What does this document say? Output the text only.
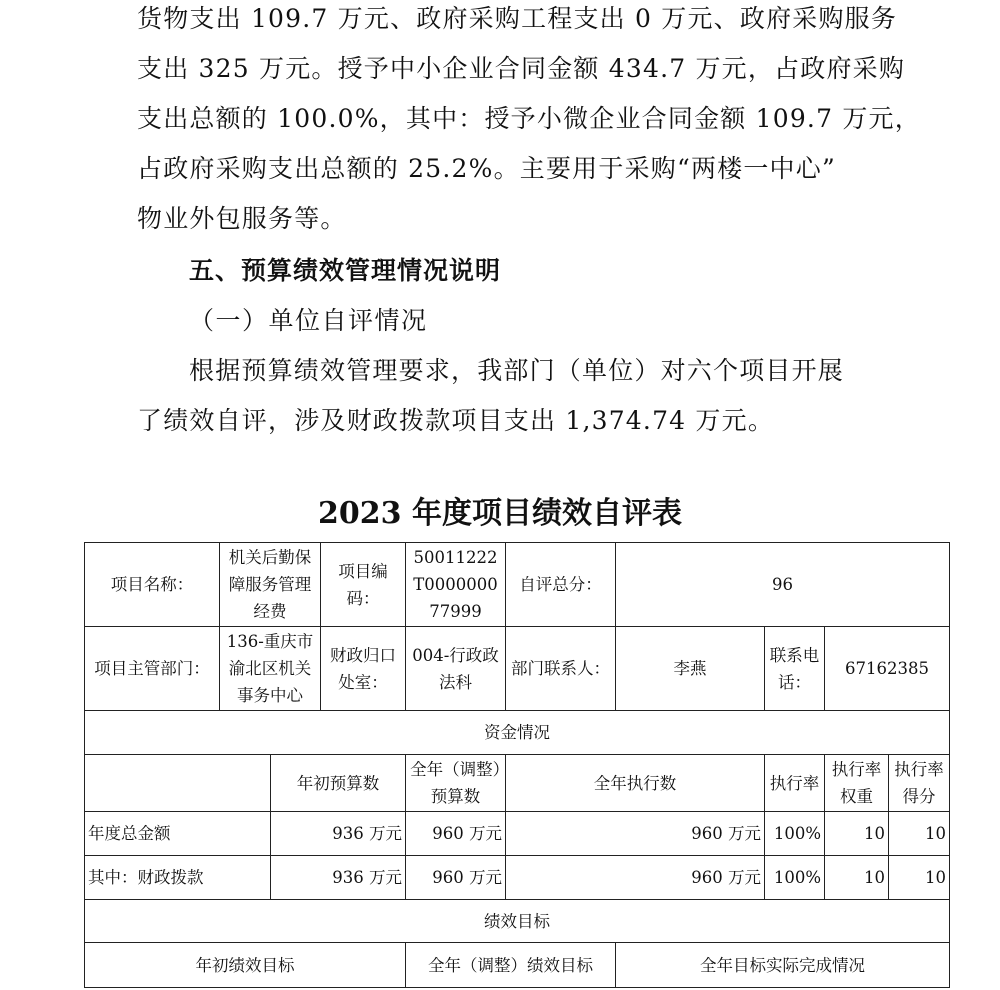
货物支出 109.7 万元、政府采购工程支出 0 万元、政府采购服务
支出 325 万元。授予中小企业合同金额 434.7 万元，占政府采购
支出总额的 100.0%，其中：授予小微企业合同金额 109.7 万元，
占政府采购支出总额的 25.2%。主要用于采购“两楼一中心”
物业外包服务等。
五、预算绩效管理情况说明
（一）单位自评情况
根据预算绩效管理要求，我部门（单位）对六个项目开展
了绩效自评，涉及财政拨款项目支出 1,374.74 万元。
2023 年度项目绩效自评表
项目名称：	机关后勤保障服务管理经费		项目编码：	50011222T000000077999	自评总分：	96			
项目主管部门：	136-重庆市渝北区机关事务中心		财政归口处室：	004-行政政法科	部门联系人：	李燕	联系电话：	67162385	
资金情况									
		年初预算数		全年（调整）预算数	全年执行数		执行率	执行率权重	执行率得分
年度总金额		936 万元		960 万元	960 万元		100%	10	10
其中：财政拨款		936 万元		960 万元	960 万元		100%	10	10
绩效目标									
年初绩效目标				全年（调整）绩效目标		全年目标实际完成情况			
